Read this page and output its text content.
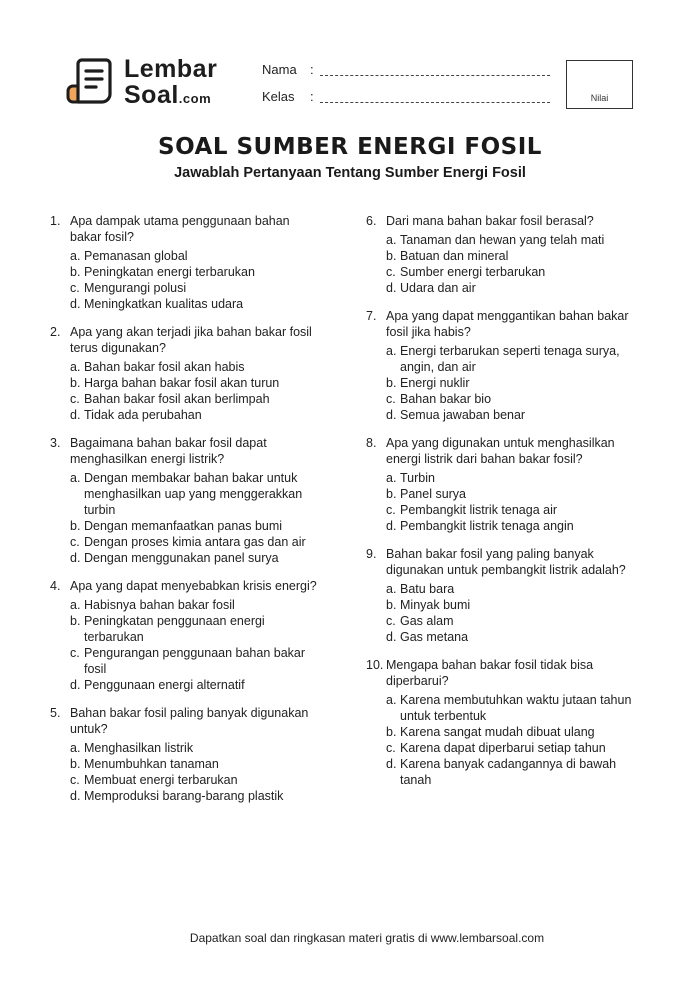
Lembar
Soal.com
Nama :
Kelas :	Nilai
SOAL SUMBER ENERGI FOSIL
Jawablah Pertanyaan Tentang Sumber Energi Fosil
1. Apa dampak utama penggunaan bahan bakar fosil?
a. Pemanasan global
b. Peningkatan energi terbarukan
c. Mengurangi polusi
d. Meningkatkan kualitas udara
2. Apa yang akan terjadi jika bahan bakar fosil terus digunakan?
a. Bahan bakar fosil akan habis
b. Harga bahan bakar fosil akan turun
c. Bahan bakar fosil akan berlimpah
d. Tidak ada perubahan
3. Bagaimana bahan bakar fosil dapat menghasilkan energi listrik?
a. Dengan membakar bahan bakar untuk menghasilkan uap yang menggerakkan turbin
b. Dengan memanfaatkan panas bumi
c. Dengan proses kimia antara gas dan air
d. Dengan menggunakan panel surya
4. Apa yang dapat menyebabkan krisis energi?
a. Habisnya bahan bakar fosil
b. Peningkatan penggunaan energi terbarukan
c. Pengurangan penggunaan bahan bakar fosil
d. Penggunaan energi alternatif
5. Bahan bakar fosil paling banyak digunakan untuk?
a. Menghasilkan listrik
b. Menumbuhkan tanaman
c. Membuat energi terbarukan
d. Memproduksi barang-barang plastik
6. Dari mana bahan bakar fosil berasal?
a. Tanaman dan hewan yang telah mati
b. Batuan dan mineral
c. Sumber energi terbarukan
d. Udara dan air
7. Apa yang dapat menggantikan bahan bakar fosil jika habis?
a. Energi terbarukan seperti tenaga surya, angin, dan air
b. Energi nuklir
c. Bahan bakar bio
d. Semua jawaban benar
8. Apa yang digunakan untuk menghasilkan energi listrik dari bahan bakar fosil?
a. Turbin
b. Panel surya
c. Pembangkit listrik tenaga air
d. Pembangkit listrik tenaga angin
9. Bahan bakar fosil yang paling banyak digunakan untuk pembangkit listrik adalah?
a. Batu bara
b. Minyak bumi
c. Gas alam
d. Gas metana
10. Mengapa bahan bakar fosil tidak bisa diperbarui?
a. Karena membutuhkan waktu jutaan tahun untuk terbentuk
b. Karena sangat mudah dibuat ulang
c. Karena dapat diperbarui setiap tahun
d. Karena banyak cadangannya di bawah tanah
Dapatkan soal dan ringkasan materi gratis di www.lembarsoal.com
